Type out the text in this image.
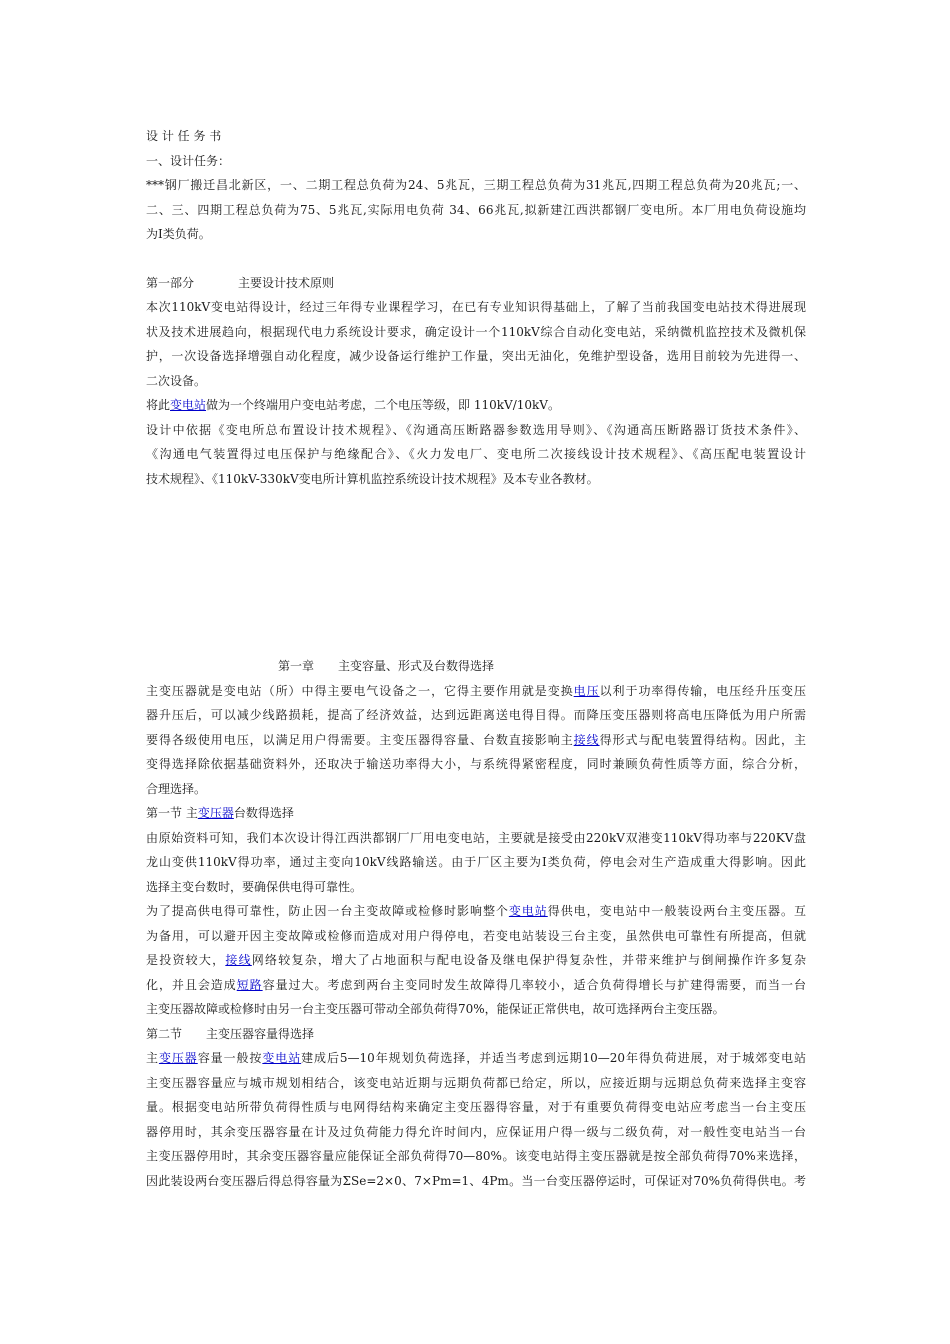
设 计 任 务 书
一、设计任务：
***钢厂搬迁昌北新区，一、二期工程总负荷为24、5兆瓦，三期工程总负荷为31兆瓦,四期工程总负荷为20兆瓦;一、
二、三、四期工程总负荷为75、5兆瓦,实际用电负荷 34、66兆瓦,拟新建江西洪都钢厂变电所。本厂用电负荷设施均
为Ⅰ类负荷。
第一部分	主要设计技术原则
本次110kV变电站得设计，经过三年得专业课程学习，在已有专业知识得基础上，了解了当前我国变电站技术得进展现
状及技术进展趋向，根据现代电力系统设计要求，确定设计一个110kV综合自动化变电站，采纳微机监控技术及微机保
护，一次设备选择增强自动化程度，减少设备运行维护工作量，突出无油化，免维护型设备，选用目前较为先进得一、
二次设备。
将此变电站做为一个终端用户变电站考虑，二个电压等级，即 110kV/10kV。
设计中依据《变电所总布置设计技术规程》、《沟通高压断路器参数选用导则》、《沟通高压断路器订货技术条件》、
《沟通电气装置得过电压保护与绝缘配合》、《火力发电厂、变电所二次接线设计技术规程》、《高压配电装置设计
技术规程》、《110kV-330kV变电所计算机监控系统设计技术规程》及本专业各教材。
第一章 主变容量、形式及台数得选择
主变压器就是变电站（所）中得主要电气设备之一，它得主要作用就是变换电压以利于功率得传输，电压经升压变压
器升压后，可以减少线路损耗，提高了经济效益，达到远距离送电得目得。而降压变压器则将高电压降低为用户所需
要得各级使用电压，以满足用户得需要。主变压器得容量、台数直接影响主接线得形式与配电装置得结构。因此，主
变得选择除依据基础资料外，还取决于输送功率得大小，与系统得紧密程度，同时兼顾负荷性质等方面，综合分析，
合理选择。
第一节 主变压器台数得选择
由原始资料可知，我们本次设计得江西洪都钢厂厂用电变电站，主要就是接受由220kV双港变110kV得功率与220KV盘
龙山变供110kV得功率，通过主变向10kV线路输送。由于厂区主要为Ⅰ类负荷，停电会对生产造成重大得影响。因此
选择主变台数时，要确保供电得可靠性。
为了提高供电得可靠性，防止因一台主变故障或检修时影响整个变电站得供电，变电站中一般装设两台主变压器。互
为备用，可以避开因主变故障或检修而造成对用户得停电，若变电站装设三台主变，虽然供电可靠性有所提高，但就
是投资较大，接线网络较复杂，增大了占地面积与配电设备及继电保护得复杂性，并带来维护与倒闸操作许多复杂
化，并且会造成短路容量过大。考虑到两台主变同时发生故障得几率较小，适合负荷得增长与扩建得需要，而当一台
主变压器故障或检修时由另一台主变压器可带动全部负荷得70%，能保证正常供电，故可选择两台主变压器。
第二节 主变压器容量得选择
主变压器容量一般按变电站建成后5—10年规划负荷选择，并适当考虑到远期10—20年得负荷进展，对于城郊变电站
主变压器容量应与城市规划相结合，该变电站近期与远期负荷都已给定，所以，应接近期与远期总负荷来选择主变容
量。根据变电站所带负荷得性质与电网得结构来确定主变压器得容量，对于有重要负荷得变电站应考虑当一台主变压
器停用时，其余变压器容量在计及过负荷能力得允许时间内，应保证用户得一级与二级负荷，对一般性变电站当一台
主变压器停用时，其余变压器容量应能保证全部负荷得70—80%。该变电站得主变压器就是按全部负荷得70%来选择，
因此装设两台变压器后得总得容量为ΣSe=2×0、7×Pm=1、4Pm。当一台变压器停运时，可保证对70%负荷得供电。考
